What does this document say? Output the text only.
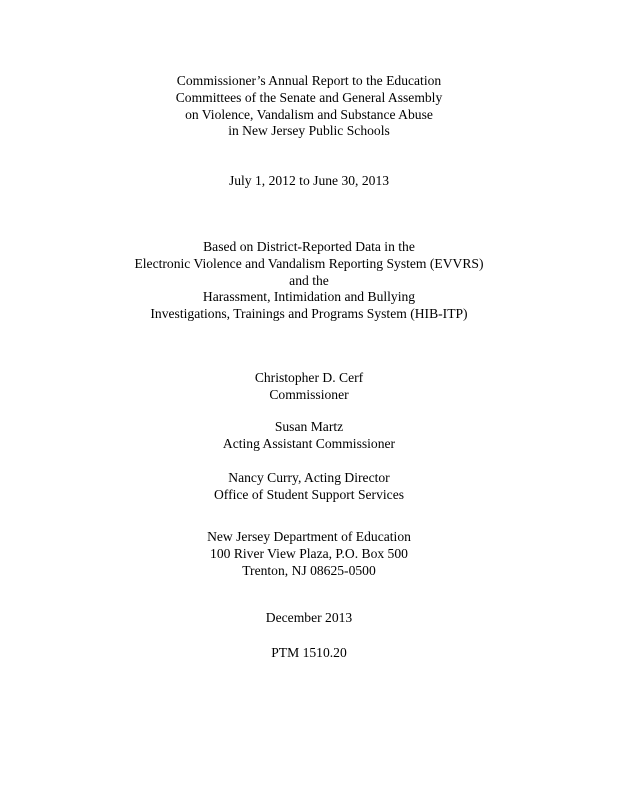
Commissioner’s Annual Report to the Education
Committees of the Senate and General Assembly
on Violence, Vandalism and Substance Abuse
in New Jersey Public Schools
July 1, 2012 to June 30, 2013
Based on District-Reported Data in the
Electronic Violence and Vandalism Reporting System (EVVRS)
and the
Harassment, Intimidation and Bullying
Investigations, Trainings and Programs System (HIB-ITP)
Christopher D. Cerf
Commissioner
Susan Martz
Acting Assistant Commissioner
Nancy Curry, Acting Director
Office of Student Support Services
New Jersey Department of Education
100 River View Plaza, P.O. Box 500
Trenton, NJ 08625-0500
December 2013
PTM 1510.20
